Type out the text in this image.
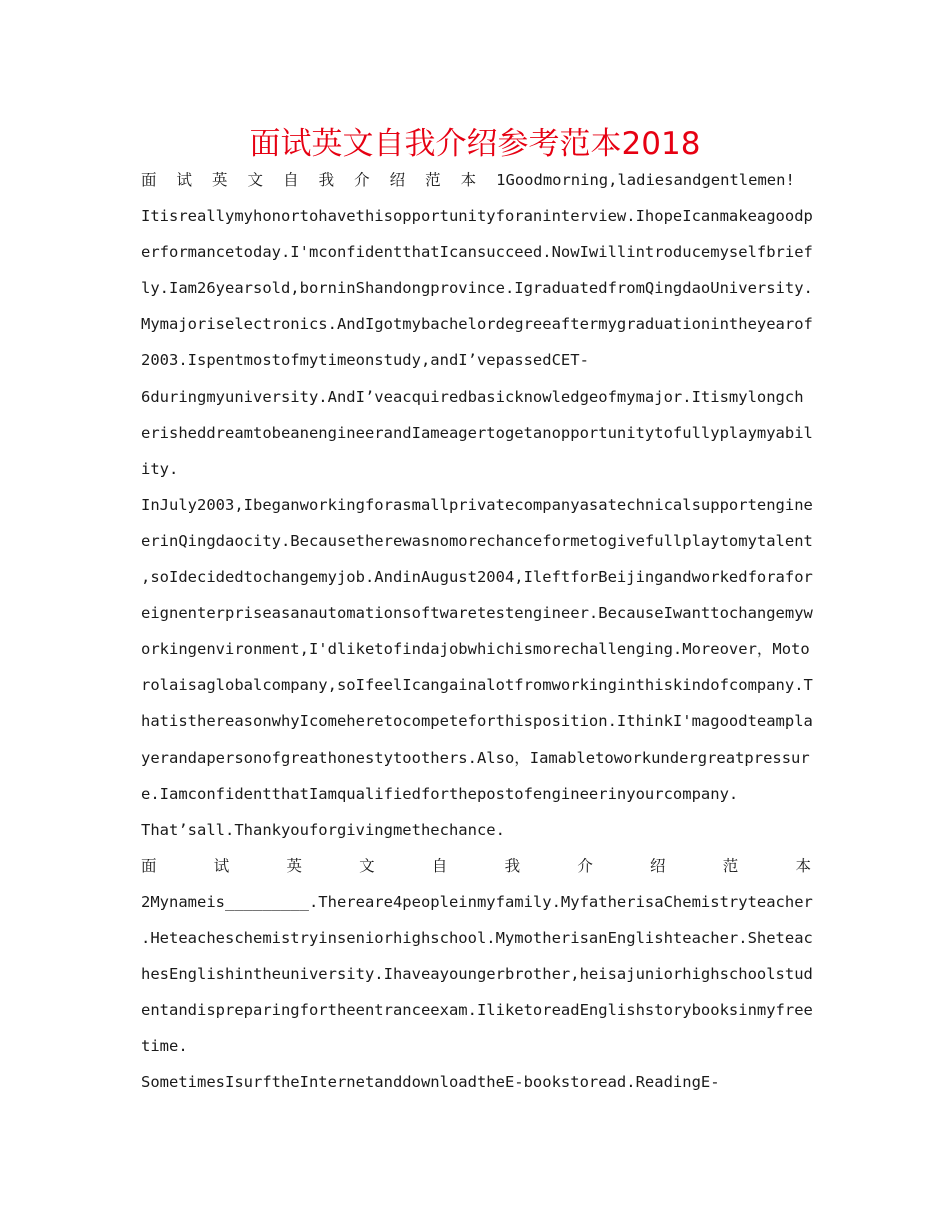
面试英文自我介绍参考范本2018
面 试 英 文 自 我 介 绍 范 本 1Goodmorning,ladiesandgentlemen!
Itisreallymyhonortohavethisopportunityforaninterview.IhopeIcanmakeagoodp
erformancetoday.I'mconfidentthatIcansucceed.NowIwillintroducemyselfbrief
ly.Iam26yearsold,borninShandongprovince.IgraduatedfromQingdaoUniversity.
Mymajoriselectronics.AndIgotmybachelordegreeaftermygraduationintheyearof
2003.Ispentmostofmytimeonstudy,andI’vepassedCET-
6duringmyuniversity.AndI’veacquiredbasicknowledgeofmymajor.Itismylongch
erisheddreamtobeanengineerandIameagertogetanopportunitytofullyplaymyabil
ity.
InJuly2003,Ibeganworkingforasmallprivatecompanyasatechnicalsupportengine
erinQingdaocity.Becausetherewasnomorechanceformetogivefullplaytomytalent
,soIdecidedtochangemyjob.AndinAugust2004,IleftforBeijingandworkedforafor
eignenterpriseasanautomationsoftwaretestengineer.BecauseIwanttochangemyw
orkingenvironment,I'dliketofindajobwhichismorechallenging.Moreover，Moto
rolaisaglobalcompany,soIfeelIcangainalotfromworkinginthiskindofcompany.T
hatisthereasonwhyIcomeheretocompeteforthisposition.IthinkI'magoodteampla
yerandapersonofgreathonestytoothers.Also，Iamabletoworkundergreatpressur
e.IamconfidentthatIamqualifiedforthepostofengineerinyourcompany.
That’sall.Thankyouforgivingmethechance.
面	试	英	文	自	我	介	绍	范	本
2Mynameis_________.Thereare4peopleinmyfamily.MyfatherisaChemistryteacher
.Heteacheschemistryinseniorhighschool.MymotherisanEnglishteacher.Sheteac
hesEnglishintheuniversity.Ihaveayoungerbrother,heisajuniorhighschoolstud
entandispreparingfortheentranceexam.IliketoreadEnglishstorybooksinmyfree
time.
SometimesIsurftheInternetanddownloadtheE-bookstoread.ReadingE-
